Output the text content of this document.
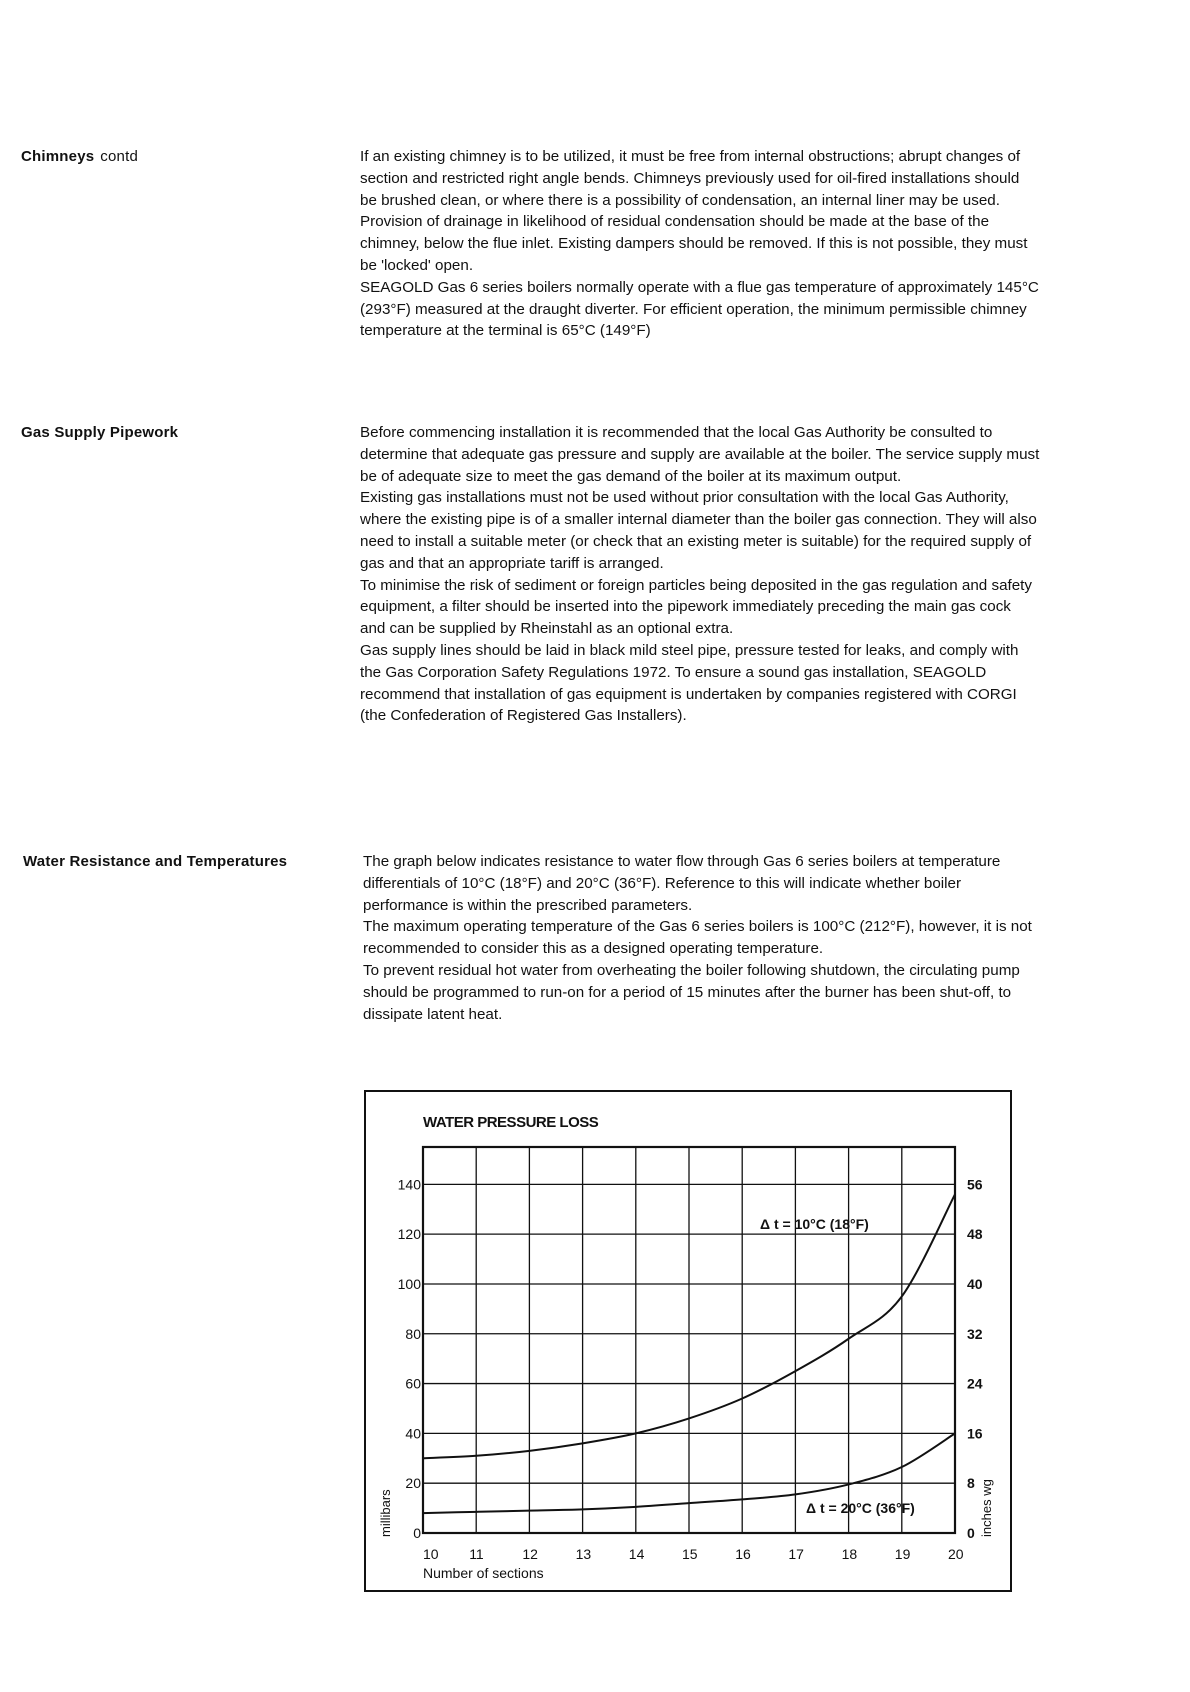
Chimneys contd	If an existing chimney is to be utilized, it must be free from internal obstructions; abrupt changes of section and restricted right angle bends. Chimneys previously used for oil-fired installations should be brushed clean, or where there is a possibility of condensation, an internal liner may be used. Provision of drainage in likelihood of residual condensation should be made at the base of the chimney, below the flue inlet. Existing dampers should be removed. If this is not possible, they must be 'locked' open.

SEAGOLD Gas 6 series boilers normally operate with a flue gas temperature of approximately 145°C (293°F) measured at the draught diverter. For efficient operation, the minimum permissible chimney temperature at the terminal is 65°C (149°F)

Gas Supply Pipework	Before commencing installation it is recommended that the local Gas Authority be consulted to determine that adequate gas pressure and supply are available at the boiler. The service supply must be of adequate size to meet the gas demand of the boiler at its maximum output.

Existing gas installations must not be used without prior consultation with the local Gas Authority, where the existing pipe is of a smaller internal diameter than the boiler gas connection. They will also need to install a suitable meter (or check that an existing meter is suitable) for the required supply of gas and that an appropriate tariff is arranged.

To minimise the risk of sediment or foreign particles being deposited in the gas regulation and safety equipment, a filter should be inserted into the pipework immediately preceding the main gas cock and can be supplied by Rheinstahl as an optional extra.

Gas supply lines should be laid in black mild steel pipe, pressure tested for leaks, and comply with the Gas Corporation Safety Regulations 1972. To ensure a sound gas installation, SEAGOLD recommend that installation of gas equipment is undertaken by companies registered with CORGI (the Confederation of Registered Gas Installers).

Water Resistance and Temperatures	The graph below indicates resistance to water flow through Gas 6 series boilers at temperature differentials of 10°C (18°F) and 20°C (36°F). Reference to this will indicate whether boiler performance is within the prescribed parameters.

The maximum operating temperature of the Gas 6 series boilers is 100°C (212°F), however, it is not recommended to consider this as a designed operating temperature.

To prevent residual hot water from overheating the boiler following shutdown, the circulating pump should be programmed to run-on for a period of 15 minutes after the burner has been shut-off, to dissipate latent heat.

WATER PRESSURE LOSS
10 11	12	13	14	15	16	17	18	19	20
0
20
40
60
80
100
120
140
0
8
16
24
32
40
48
56
Δ t = 10°C (18°F)
Δ t = 20°C (36°F)
Number of sections
millibars	inches wg
